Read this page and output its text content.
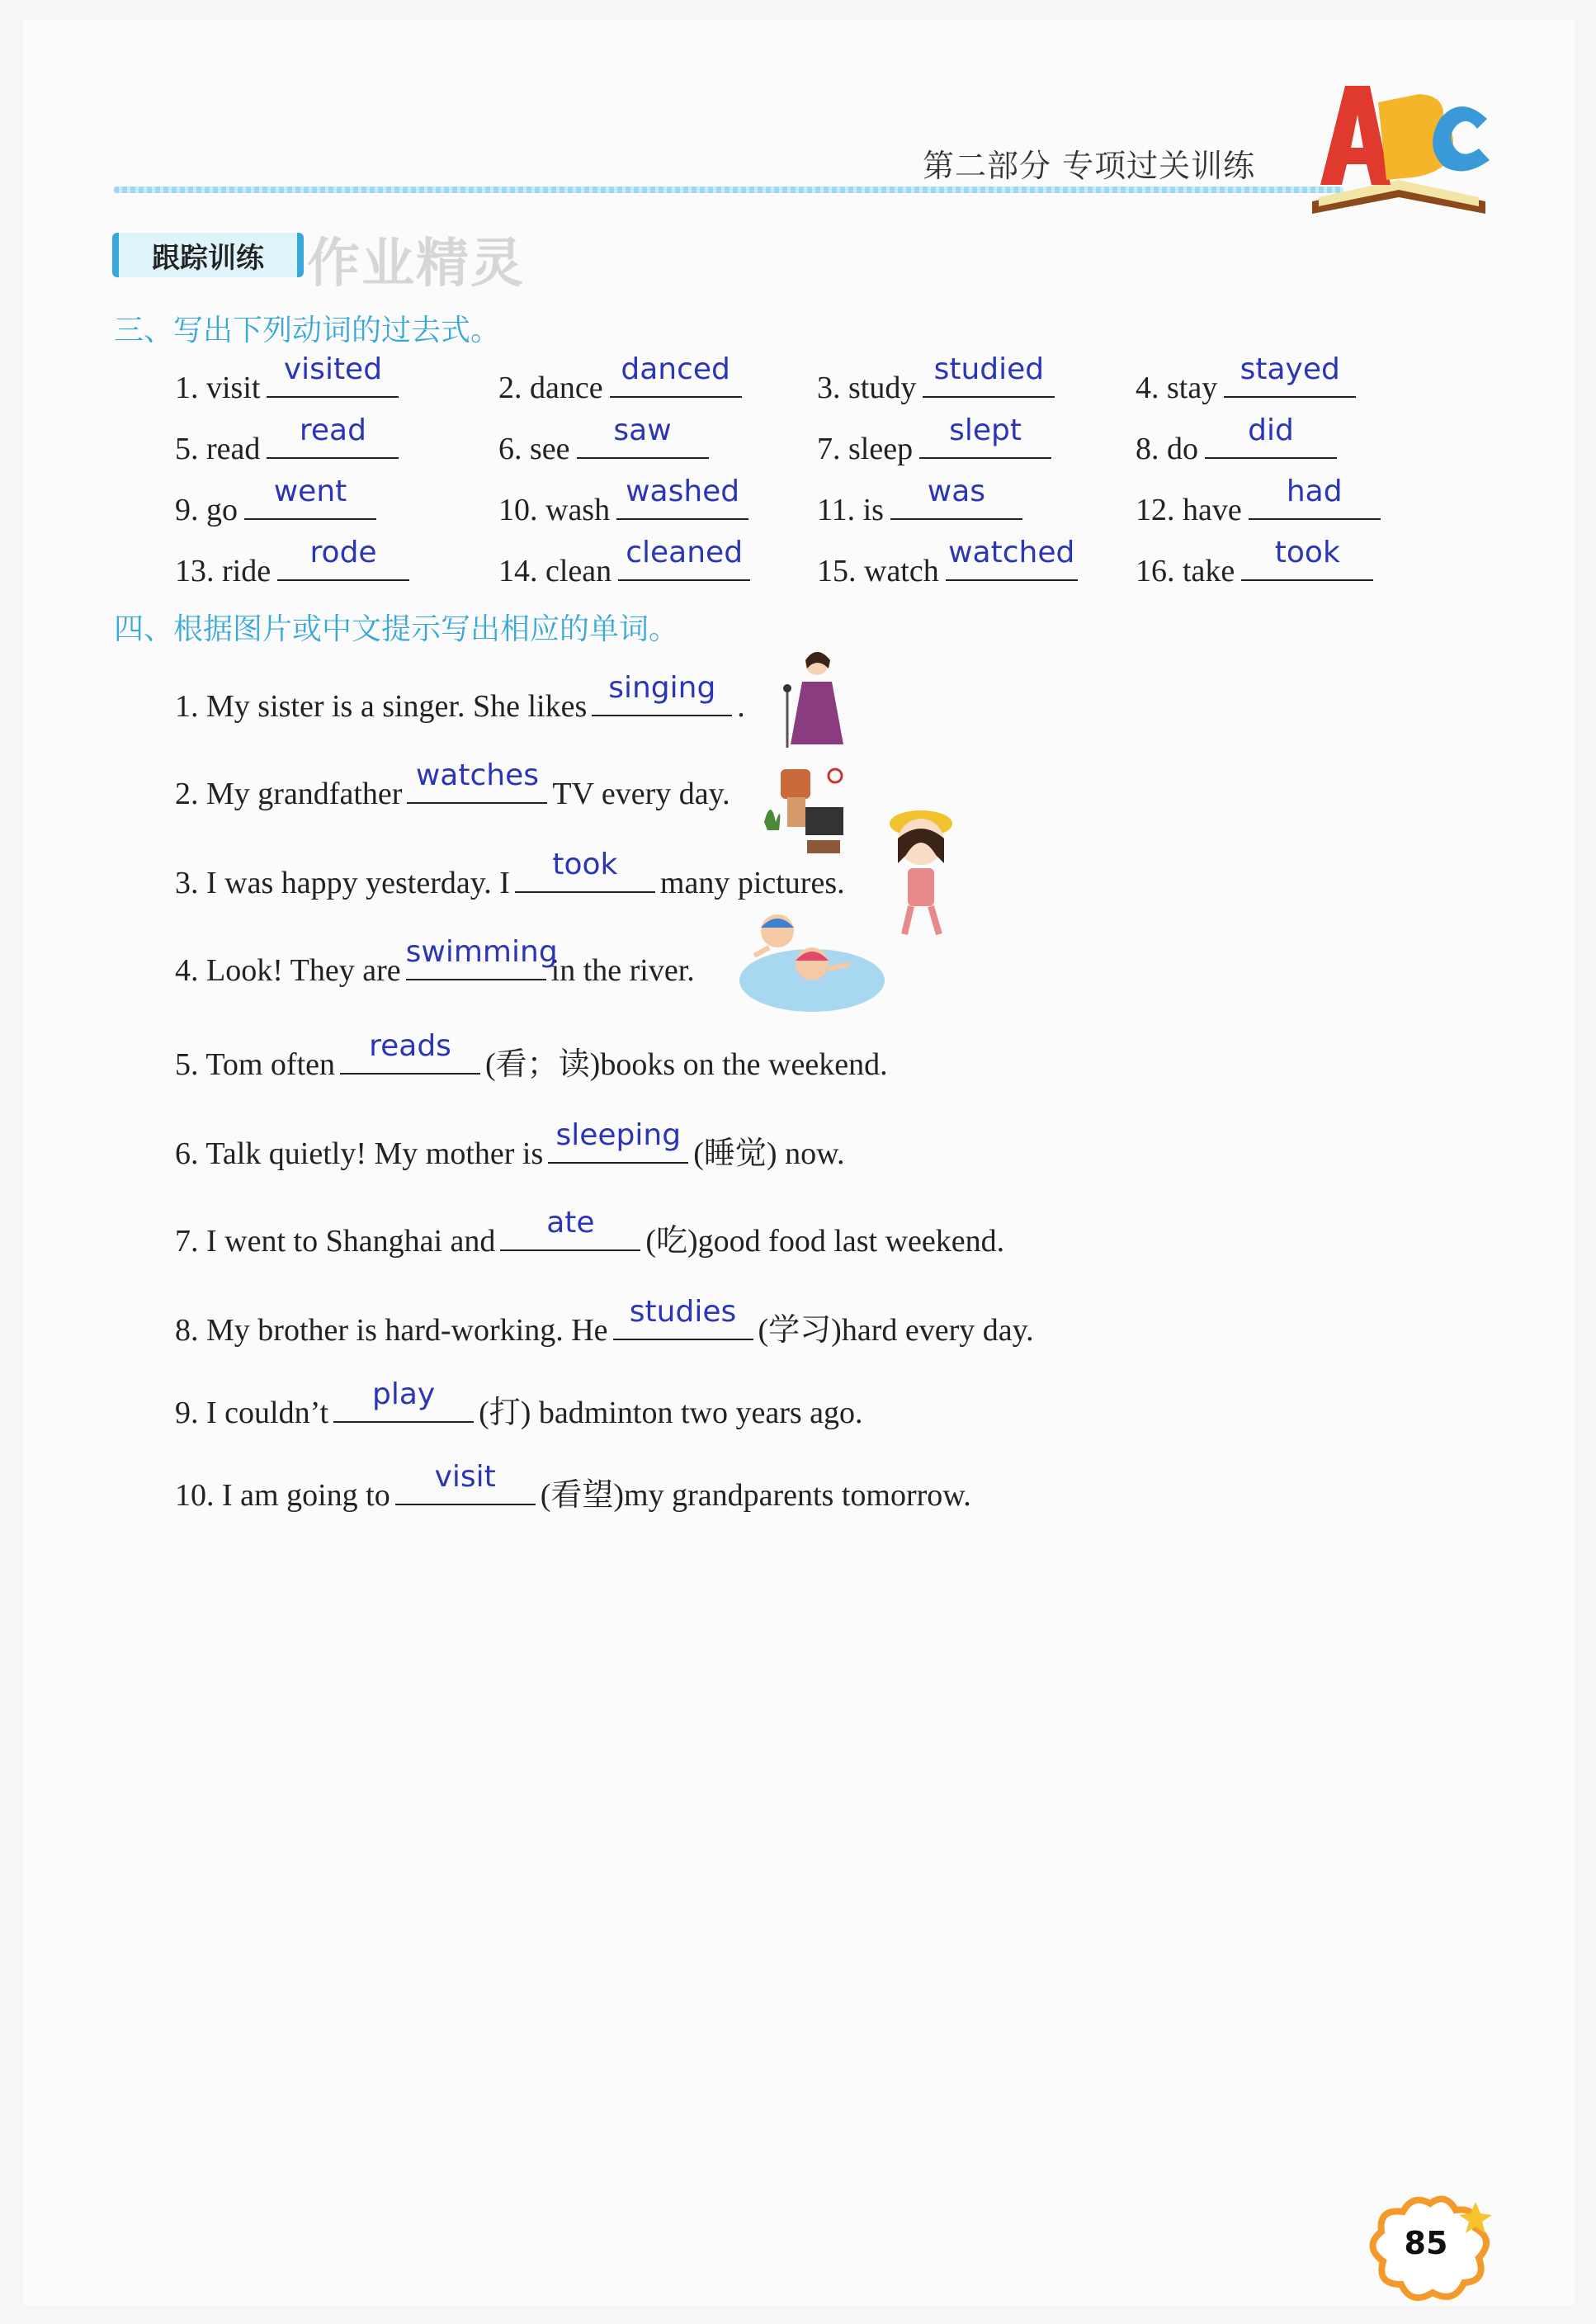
第二部分 专项过关训练
跟踪训练 作业精灵
三、写出下列动词的过去式。
1. visit
visited
2. dance
danced
3. study
studied
4. stay
stayed
5. read
read
6. see
saw
7. sleep
slept
8. do
did
9. go
went
10. wash
washed
11. is
was
12. have
had
13. ride
rode
14. clean
cleaned
15. watch
watched
16. take
took
四、根据图片或中文提示写出相应的单词。
1. My sister is a singer. She likes
singing
.
2. My grandfather
watches
TV every day.
3. I was happy yesterday. I
took
many pictures.
4. Look! They are
swimming
in the river.
5. Tom often
reads
(看；读)books on the weekend.
6. Talk quietly! My mother is
sleeping
(睡觉) now.
7. I went to Shanghai and
ate
(吃)good food last weekend.
8. My brother is hard-working. He
studies
(学习)hard every day.
9. I couldn’t
play
(打) badminton two years ago.
10. I am going to
visit
(看望)my grandparents tomorrow.
85
